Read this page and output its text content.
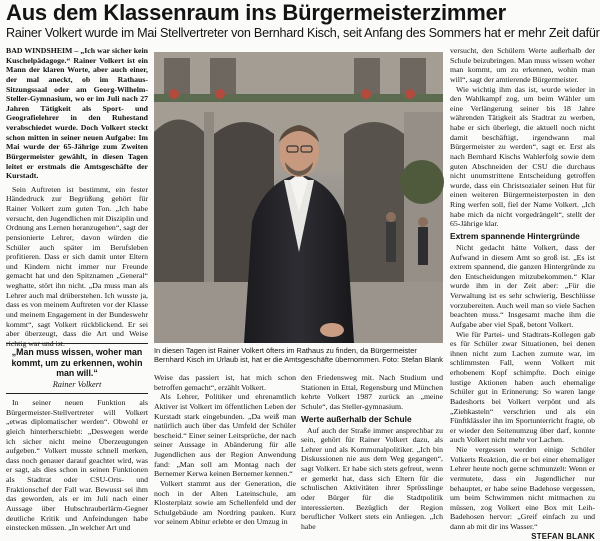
Aus dem Klassenraum ins Bürgermeisterzimmer
Rainer Volkert wurde im Mai Stellvertreter von Bernhard Kisch, seit Anfang des Sommers hat er mehr Zeit dafür

BAD WINDSHEIM – „Ich war sicher kein Kuschelpädagoge.“ Rainer Volkert ist ein Mann der klaren Worte, aber auch einer, der mal aneckt, ob im Rathaus-Sitzungssaal oder am Georg-Wilhelm-Steller-Gymnasium, wo er im Juli nach 27 Jahren Tätigkeit als Sport- und Geografielehrer in den Ruhestand verabschiedet wurde. Doch Volkert steckt schon mitten in seiner neuen Aufgabe: Im Mai wurde der 65-Jährige zum Zweiten Bürgermeister gewählt, in diesen Tagen leitet er erstmals die Amtsgeschäfte der Kurstadt.

Sein Auftreten ist bestimmt, ein fester Händedruck zur Begrüßung gehört für Rainer Volkert zum guten Ton. „Ich habe versucht, den Jugendlichen mit Disziplin und Ordnung ans Lernen heranzugehen“, sagt der pensionierte Lehrer, davon würden die Schüler auch später im Berufsleben profitieren. Dass er sich damit unter Eltern und Kindern nicht immer nur Freunde gemacht hat und den Spitznamen „General“ weghatte, stört ihn nicht. „Da muss man als Lehrer auch mal drüberstehen. Ich wusste ja, dass es von meinem Auftreten vor der Klasse und meinem Engagement in der Bundeswehr kommt“, sagt Volkert rückblickend. Er sei aber überzeugt, dass die Art und Weise

„Man muss wissen, woher man kommt, um zu erkennen, wohin man will.“
Rainer Volkert

In seiner neuen Funktion als Bürgermeister-Stellvertreter will Volkert „etwas diplomatischer werden“. Obwohl er gleich hinterherschiebt: „Deswegen werde ich sicher nicht meine Überzeugungen aufgeben.“ Volkert musste schnell merken, dass noch genauer darauf geachtet wird, was er sagt, als dies schon in seinen Funktionen als Stadtrat oder CSU-Orts- und Fraktionschef der Fall war. Bewusst sei ihm das geworden, als er im Juli nach einer Aussage über Hubschrauberlärm-Gegner deutliche Kritik und Anfeindungen habe einstecken müssen. „In welcher Art und

In diesen Tagen ist Rainer Volkert öfters im Rathaus zu finden, da Bürgermeister Bernhard Kisch im Urlaub ist, hat er die Amtsgeschäfte übernommen. Foto: Stefan Blank

Weise das passiert ist, hat mich schon betroffen gemacht“, erzählt Volkert.

Als Lehrer, Politiker und ehrenamtlich Aktiver ist Volkert im öffentlichen Leben der Kurstadt stark eingebunden. „Da weiß man natürlich auch über das Umfeld der Schüler bescheid.“ Einer seiner Leitsprüche, der nach seiner Aussage in Abänderung für alle Jugendlichen aus der Region Anwendung fand: „Man soll am Montag nach der Bernemer Kerwa keinen Bernemer kennen.“

Volkert stammt aus der Generation, die noch in der Alten Lateinschule, am Klosterplatz sowie am Schellenfeld und der Schulgebäude am Nordring pauken. Kurz vor seinem Abitur erlebte er den Umzug in

den Friedensweg mit. Nach Studium und Stationen in Ettal, Regensburg und München kehrte Volkert 1987 zurück an „meine Schule“, das Steller-gymnasium.

Werte außerhalb der Schule

Auf auch der Straße immer ansprechbar zu sein, gehört für Rainer Volkert dazu, als Lehrer und als Kommunalpolitiker. „Ich bin Diskussionen nie aus dem Weg gegangen“, sagt Volkert. Er habe sich stets gefreut, wenn er gemerkt hat, dass sich Eltern für die schulischen Aktivitäten ihrer Sprösslinge oder Bürger für die Stadtpolitik interessierten. Bezüglich der Region beruflicher Volkert stets ein Anliegen. „Ich habe

versucht, den Schülern Werte außerhalb der Schule beizubringen. Man muss wissen woher man kommt, um zu erkennen, wohin man will“, sagt der amtierende Bürgermeister.

Wie wichtig ihm das ist, wurde wieder in den Wahlkampf zog, um beim Wähler um eine Verlängerung seiner bis 18 Jahre währenden Tätigkeit als Stadtrat zu werben, habe er sich überlegt, die aktuell noch nicht damit beschäftigt, irgendwann mal Bürgermeister zu werden“, sagt er. Erst als nach Bernhard Kischs Wahlerfolg sowie dem guten Abschneiden der CSU die durchaus nicht unumstrittene Entscheidung getroffen wurde, dass ein Christsozialer seinen Hut für einen weiteren Bürgermeisterposten in den Ring werfen soll, fiel der Name Volkert. „Ich habe mich da nicht vorgedrängelt“, stellt der 65-Jährige klar.

Extrem spannende Hintergründe

Nicht gedacht hätte Volkert, dass der Aufwand in diesem Amt so groß ist. „Es ist extrem spannend, die ganzen Hintergründe zu den Entscheidungen mitzubekommen.“ Klar wurde ihm in der Zeit aber: „Für die Verwaltung ist es sehr schwierig, Beschlüsse vorzubereiten. Auch weil man so viele Sachen beachten muss.“ Insgesamt mache ihm die Aufgabe aber viel Spaß, betont Volkert.

Wie für Partei- und Stadtrats-Kollegen gab es für Schüler zwar Situationen, bei denen ihnen nicht zum Lachen zumute war, im schlimmsten Fall, wenn Volkert mit erhobenem Kopf schimpfte. Doch einige lustige Aktionen haben auch ehemalige Schüler gut in Erinnerung: So waren lange Badeshorts bei Volkert verpönt und als „Ziehkasteln“ verschrien und als ein Fünftklässler ihn im Sportunterricht fragte, ob er wieder den Seitenumzug über darf, konnte auch Volkert nicht mehr vor Lachen.

Nie vergessen werden einige Schüler Volkerts Reaktion, die er bei einer ehemaliger Lehrer heute noch gerne schmunzelt: Wenn er vermutete, dass ein Jugendlicher nur behauptet, er habe seine Badehose vergessen, um beim Schwimmen nicht mitmachen zu müssen, zog Volkert eine Box mit Leih-Badehosen hervor: „Greif einfach zu und dann ab mit dir ins Wasser.“

STEFAN BLANK
